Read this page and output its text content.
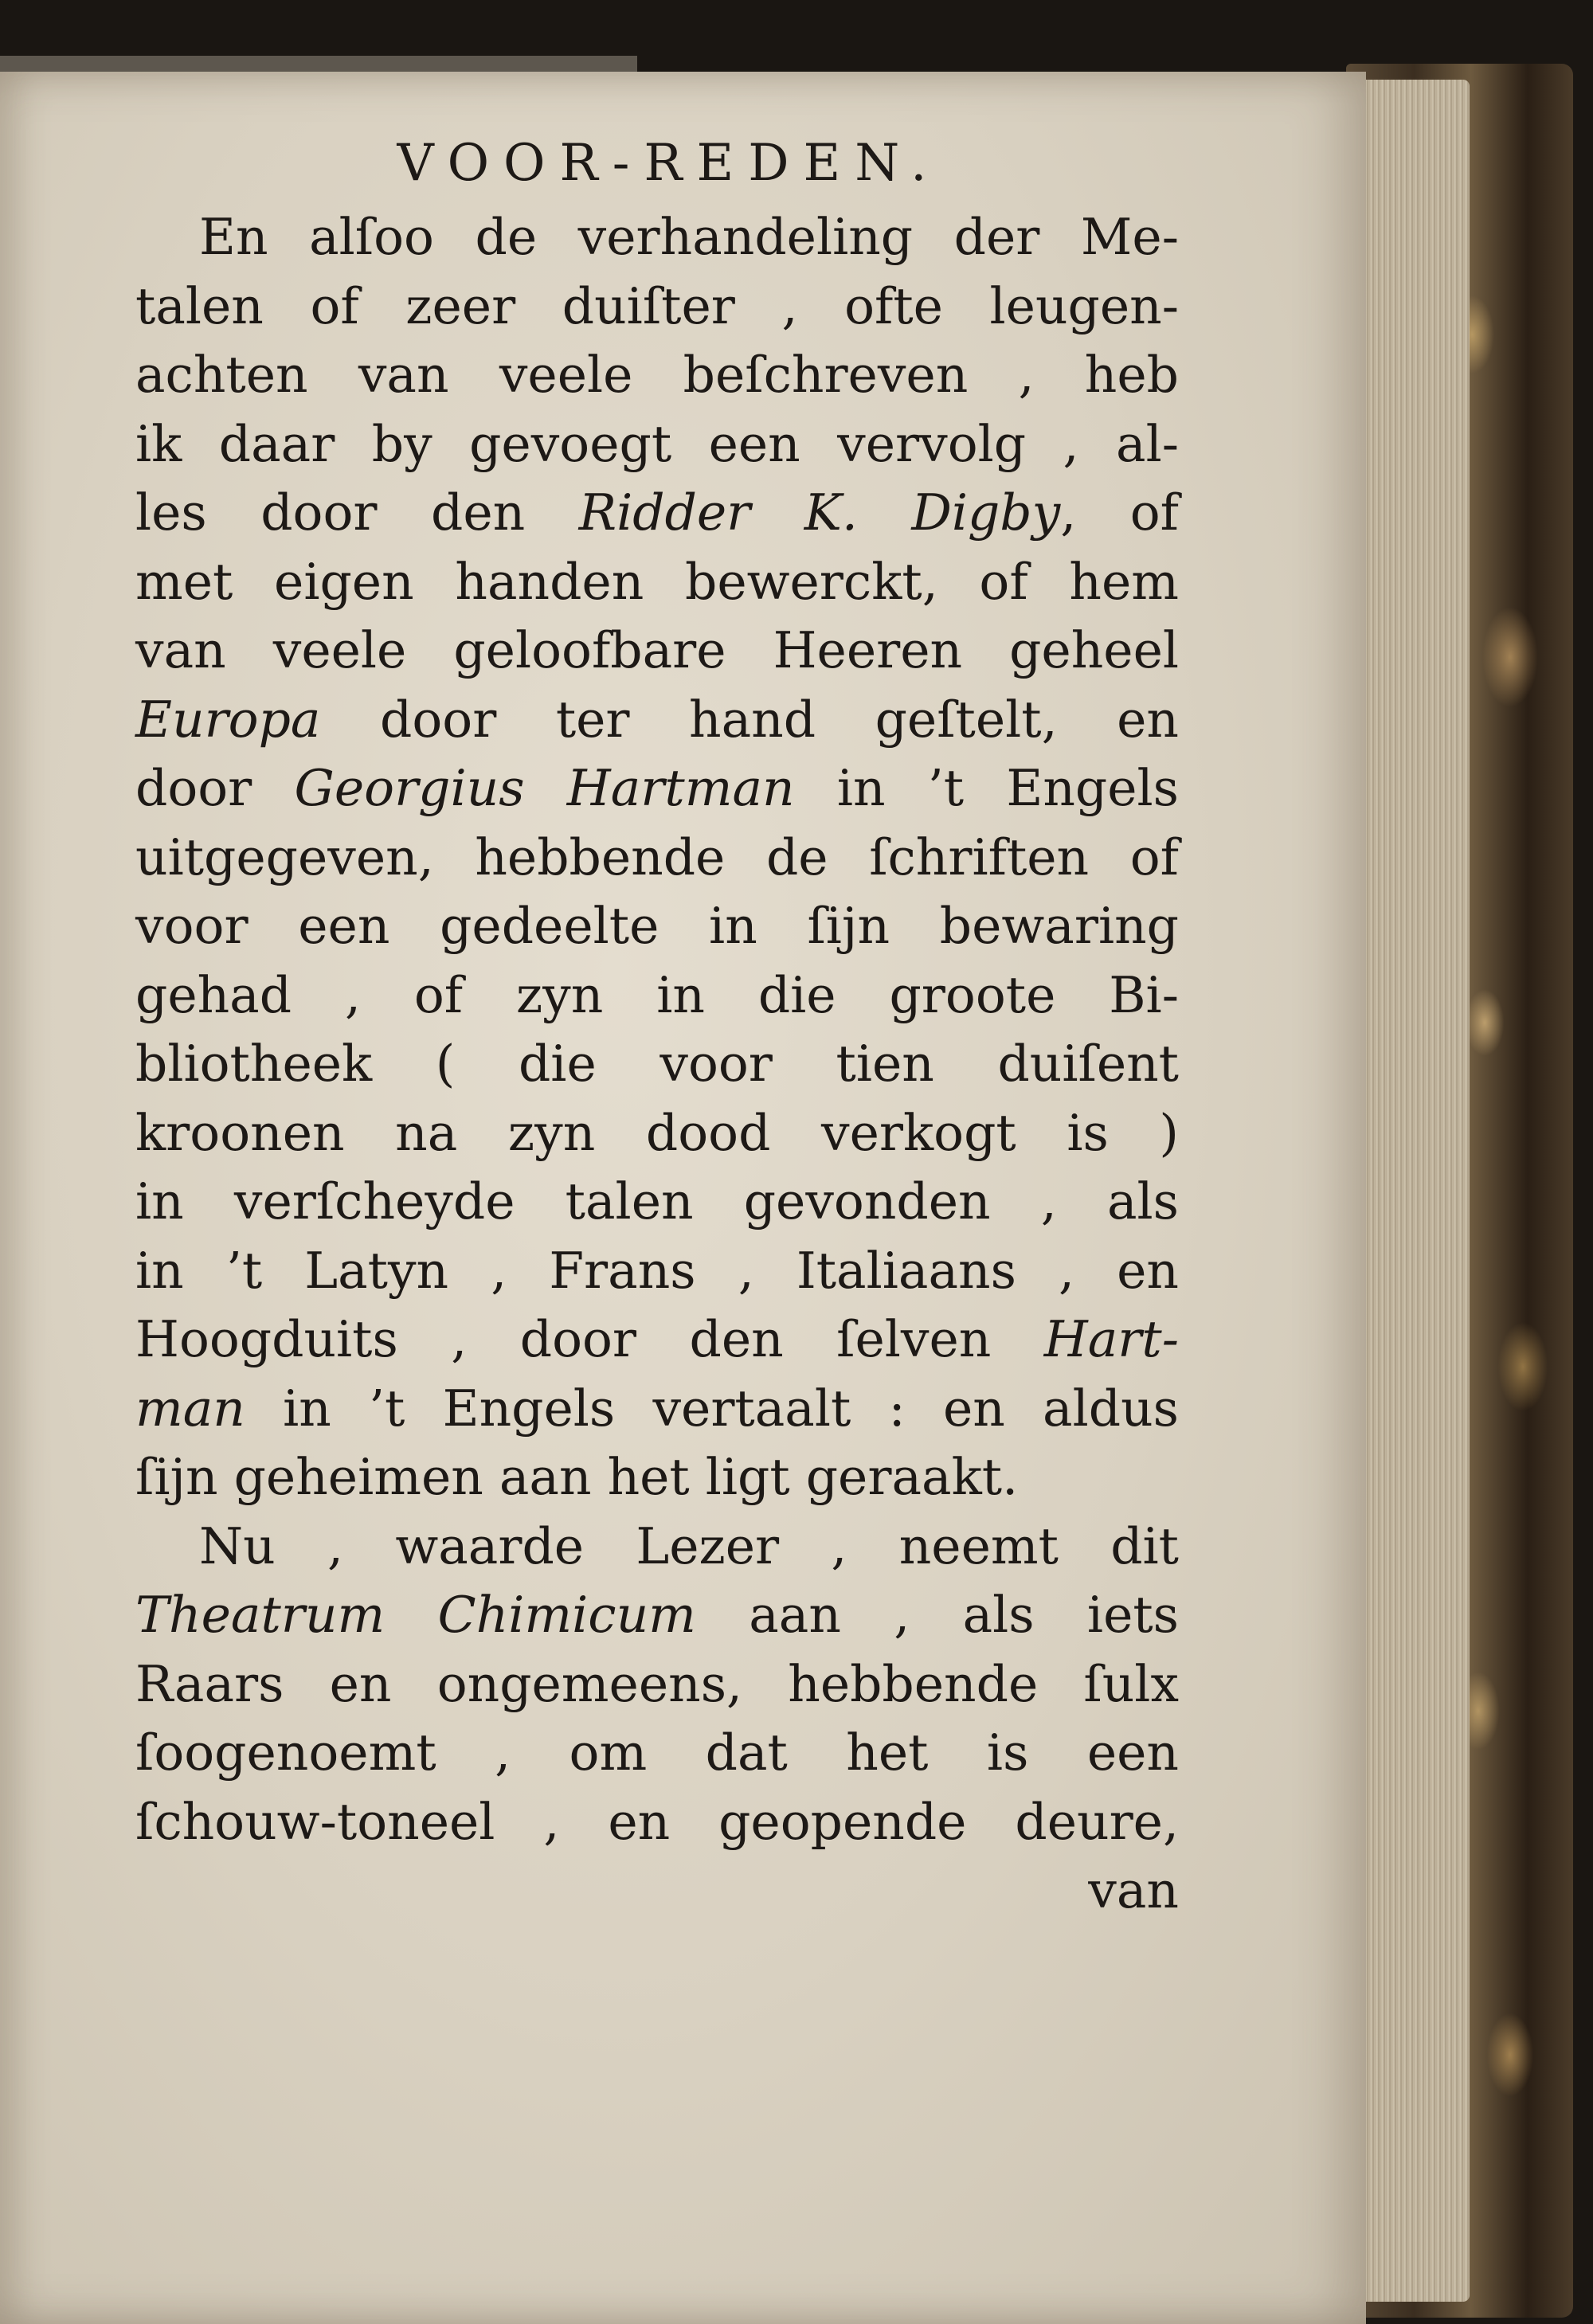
VOOR-REDEN.
En alſoo de verhandeling der Me-
talen of zeer duiſter , ofte leugen-
achten van veele beſchreven , heb
ik daar by gevoegt een vervolg , al-
les door den Ridder K. Digby, of
met eigen handen bewerckt, of hem
van veele geloofbare Heeren geheel
Europa door ter hand geſtelt, en
door Georgius Hartman in ’t Engels
uitgegeven, hebbende de ſchriften of
voor een gedeelte in ſijn bewaring
gehad , of zyn in die groote Bi-
bliotheek ( die voor tien duiſent
kroonen na zyn dood verkogt is )
in verſcheyde talen gevonden , als
in ’t Latyn , Frans , Italiaans , en
Hoogduits , door den ſelven Hart-
man in ’t Engels vertaalt : en aldus
ſijn geheimen aan het ligt geraakt.
Nu , waarde Lezer , neemt dit
Theatrum Chimicum aan , als iets
Raars en ongemeens, hebbende ſulx
ſoogenoemt , om dat het is een
ſchouw-toneel , en geopende deure,
van
